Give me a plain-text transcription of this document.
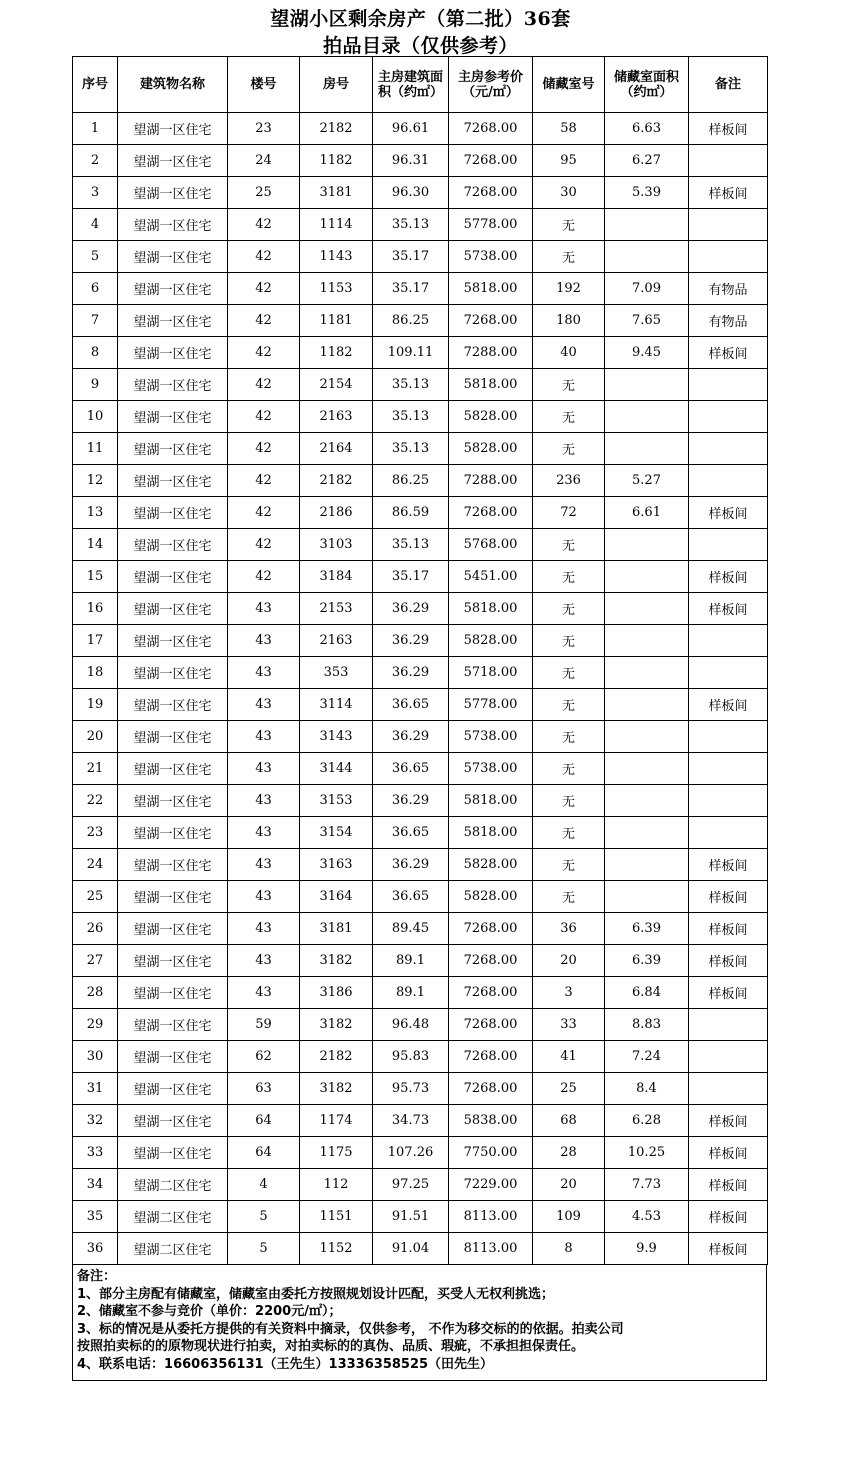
望湖小区剩余房产（第二批）36套
拍品目录（仅供参考）
序号	建筑物名称	楼号	房号	主房建筑面积（约㎡）	主房参考价（元/㎡）	储藏室号	储藏室面积（约㎡）	备注
1	望湖一区住宅	23	2182	96.61	7268.00	58	6.63	样板间
2	望湖一区住宅	24	1182	96.31	7268.00	95	6.27	
3	望湖一区住宅	25	3181	96.30	7268.00	30	5.39	样板间
4	望湖一区住宅	42	1114	35.13	5778.00	无		
5	望湖一区住宅	42	1143	35.17	5738.00	无		
6	望湖一区住宅	42	1153	35.17	5818.00	192	7.09	有物品
7	望湖一区住宅	42	1181	86.25	7268.00	180	7.65	有物品
8	望湖一区住宅	42	1182	109.11	7288.00	40	9.45	样板间
9	望湖一区住宅	42	2154	35.13	5818.00	无		
10	望湖一区住宅	42	2163	35.13	5828.00	无		
11	望湖一区住宅	42	2164	35.13	5828.00	无		
12	望湖一区住宅	42	2182	86.25	7288.00	236	5.27	
13	望湖一区住宅	42	2186	86.59	7268.00	72	6.61	样板间
14	望湖一区住宅	42	3103	35.13	5768.00	无		
15	望湖一区住宅	42	3184	35.17	5451.00	无		样板间
16	望湖一区住宅	43	2153	36.29	5818.00	无		样板间
17	望湖一区住宅	43	2163	36.29	5828.00	无		
18	望湖一区住宅	43	353	36.29	5718.00	无		
19	望湖一区住宅	43	3114	36.65	5778.00	无		样板间
20	望湖一区住宅	43	3143	36.29	5738.00	无		
21	望湖一区住宅	43	3144	36.65	5738.00	无		
22	望湖一区住宅	43	3153	36.29	5818.00	无		
23	望湖一区住宅	43	3154	36.65	5818.00	无		
24	望湖一区住宅	43	3163	36.29	5828.00	无		样板间
25	望湖一区住宅	43	3164	36.65	5828.00	无		样板间
26	望湖一区住宅	43	3181	89.45	7268.00	36	6.39	样板间
27	望湖一区住宅	43	3182	89.1	7268.00	20	6.39	样板间
28	望湖一区住宅	43	3186	89.1	7268.00	3	6.84	样板间
29	望湖一区住宅	59	3182	96.48	7268.00	33	8.83	
30	望湖一区住宅	62	2182	95.83	7268.00	41	7.24	
31	望湖一区住宅	63	3182	95.73	7268.00	25	8.4	
32	望湖一区住宅	64	1174	34.73	5838.00	68	6.28	样板间
33	望湖一区住宅	64	1175	107.26	7750.00	28	10.25	样板间
34	望湖二区住宅	4	112	97.25	7229.00	20	7.73	样板间
35	望湖二区住宅	5	1151	91.51	8113.00	109	4.53	样板间
36	望湖二区住宅	5	1152	91.04	8113.00	8	9.9	样板间
备注：
1、部分主房配有储藏室，储藏室由委托方按照规划设计匹配，买受人无权利挑选；
2、储藏室不参与竞价（单价：2200元/㎡）；
3、标的情况是从委托方提供的有关资料中摘录，仅供参考， 不作为移交标的的依据。拍卖公司
按照拍卖标的的原物现状进行拍卖，对拍卖标的的真伪、品质、瑕疵，不承担担保责任。
4、联系电话：16606356131（王先生）13336358525（田先生）
